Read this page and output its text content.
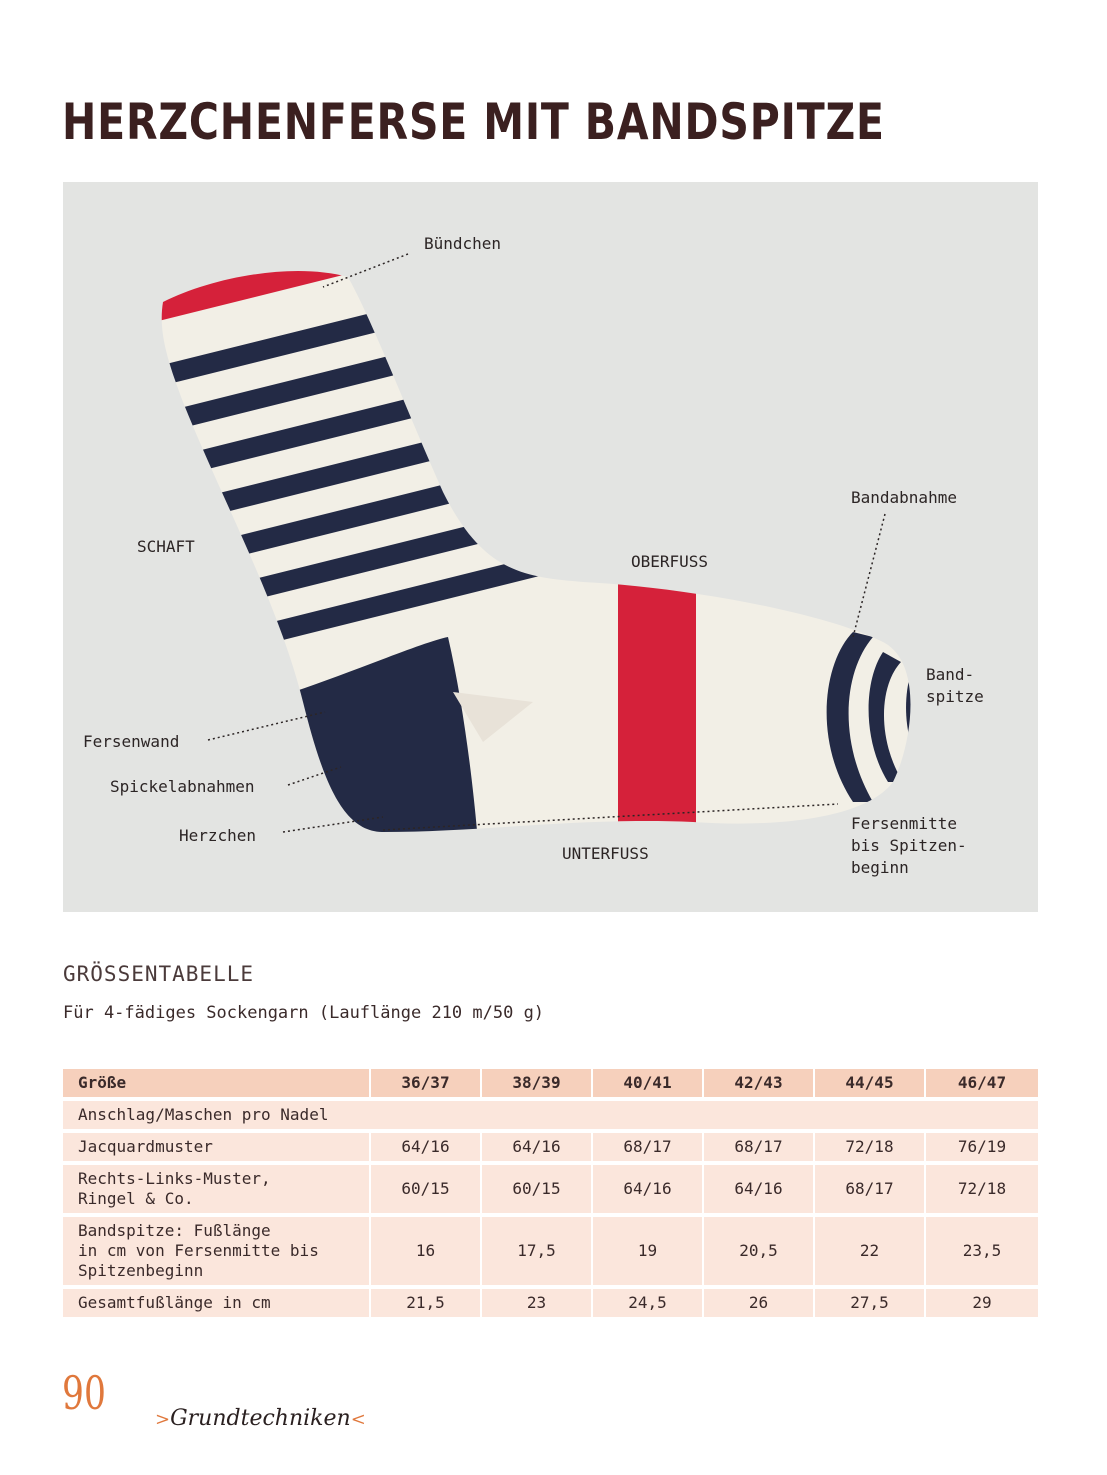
HERZCHENFERSE MIT BANDSPITZE
Bündchen
SCHAFT
OBERFUSS
Bandabnahme
Band-
spitze
Fersenwand
Spickelabnahmen
Herzchen
UNTERFUSS
Fersenmitte
bis Spitzen-
beginn
GRÖSSENTABELLE
Für 4-fädiges Sockengarn (Lauflänge 210 m/50 g)
Größe	36/37	38/39	40/41	42/43	44/45	46/47
Anschlag/Maschen pro Nadel						
Jacquardmuster	64/16	64/16	68/17	68/17	72/18	76/19

Rechts-Links-Muster,
Ringel & Co.	60/15	60/15	64/16	64/16	68/17	72/18

Bandspitze: Fußlänge
in cm von Fersenmitte bis
Spitzenbeginn	16	17,5	19	20,5	22	23,5
Gesamtfußlänge in cm	21,5	23	24,5	26	27,5	29
90	>Grundtechniken<
